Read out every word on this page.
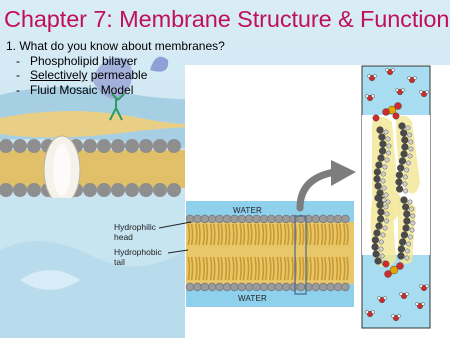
Chapter 7: Membrane Structure & Function
1. What do you know about membranes?
- Phospholipid bilayer
- Selectively permeable
- Fluid Mosaic Model
WATER
WATER
Hydrophilic
head
Hydrophobic
tail
